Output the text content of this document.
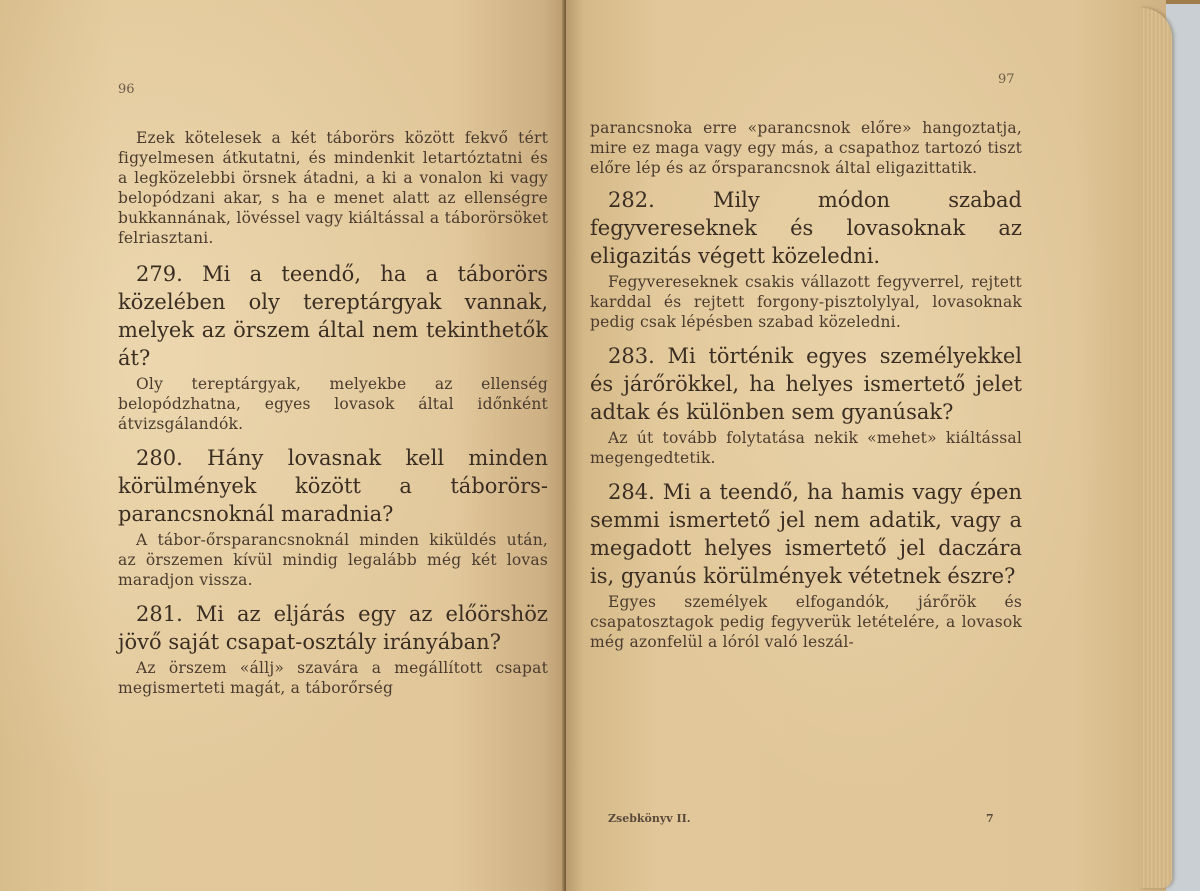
96

Ezek kötelesek a két táborörs között fekvő tért figyelmesen átkutatni, és mindenkit letartóztatni és a legközelebbi örsnek átadni, a ki a vonalon ki vagy belopódzani akar, s ha e menet alatt az ellenségre bukkannának, lövéssel vagy kiáltással a táborörsöket felriasztani.

279. Mi a teendő, ha a táborörs közelében oly tereptárgyak vannak, melyek az örszem által nem tekinthetők át?

Oly tereptárgyak, melyekbe az ellenség belopódzhatna, egyes lovasok által időnként átvizsgálandók.

280. Hány lovasnak kell minden körülmények között a táborörs-parancsnoknál maradnia?

A tábor-őrsparancsnoknál minden kiküldés után, az örszemen kívül mindig legalább még két lovas maradjon vissza.

281. Mi az eljárás egy az előörshöz jövő saját csapat-osztály irányában?

Az örszem «állj» szavára a megállított csapat megismerteti magát, a táborőrség

97

parancsnoka erre «parancsnok előre» hangoztatja, mire ez maga vagy egy más, a csapathoz tartozó tiszt előre lép és az őrsparancsnok által eligazittatik.

282.	Mily módon szabad fegyvereseknek és lovasoknak az eligazitás végett közeledni.

Fegyvereseknek csakis vállazott fegyverrel, rejtett karddal és rejtett forgony-pisztolylyal, lovasoknak pedig csak lépésben szabad közeledni.

283. Mi történik egyes személyekkel és járőrökkel, ha helyes ismertető jelet adtak és különben sem gyanúsak?

Az út tovább folytatása nekik «mehet» kiáltással megengedtetik.

284. Mi a teendő, ha hamis vagy épen semmi ismertető jel nem adatik, vagy a megadott helyes ismertető jel daczára is, gyanús körülmények vétetnek észre?

Egyes személyek elfogandók, járőrök és csapatosztagok pedig fegyverük letételére, a lovasok még azonfelül a lóról való leszál-

Zsebkönyv II.	7
